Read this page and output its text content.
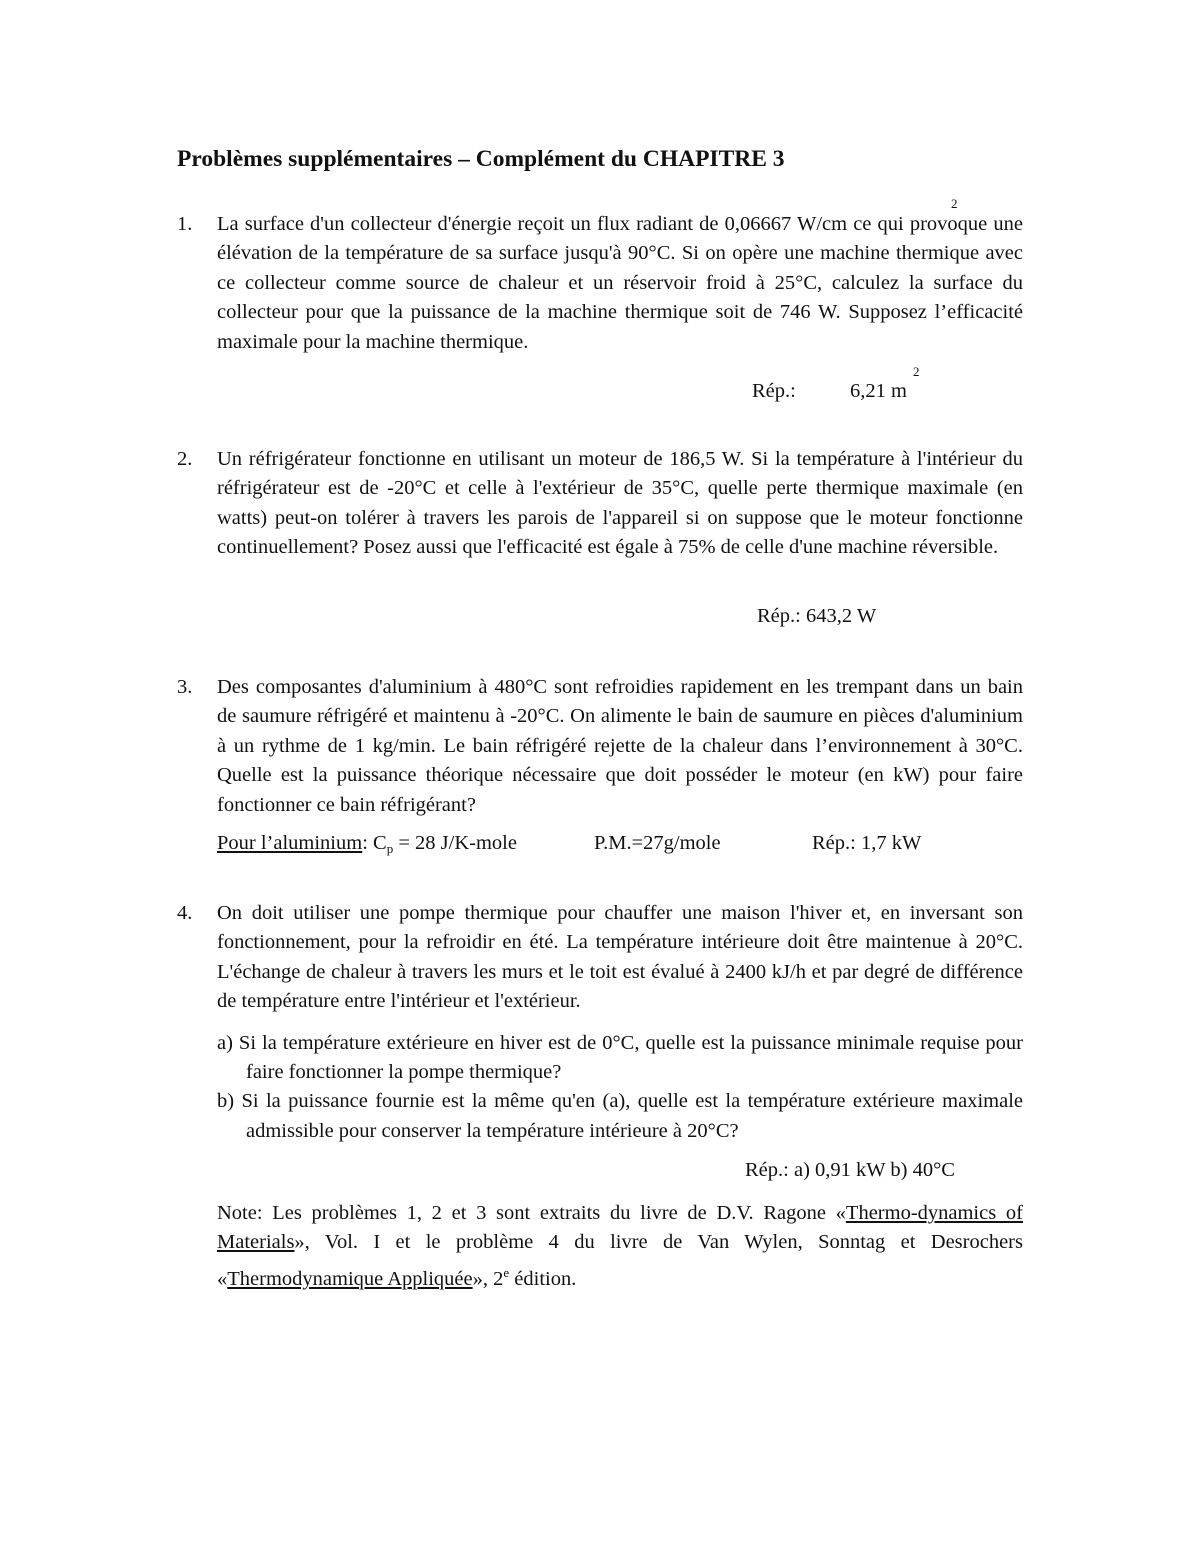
Problèmes supplémentaires – Complément du CHAPITRE 3
1. La surface d'un collecteur d'énergie reçoit un flux radiant de 0,06667 W/cm ce qui provoque une élévation de la température de sa surface jusqu'à 90°C. Si on opère une machine thermique avec ce collecteur comme source de chaleur et un réservoir froid à 25°C, calculez la surface du collecteur pour que la puissance de la machine thermique soit de 746 W. Supposez l’efficacité maximale pour la machine thermique.
2
Rép.:	6,21 m
2
2. Un réfrigérateur fonctionne en utilisant un moteur de 186,5 W. Si la température à l'intérieur du réfrigérateur est de -20°C et celle à l'extérieur de 35°C, quelle perte thermique maximale (en watts) peut-on tolérer à travers les parois de l'appareil si on suppose que le moteur fonctionne continuellement? Posez aussi que l'efficacité est égale à 75% de celle d'une machine réversible.
Rép.: 643,2 W
3. Des composantes d'aluminium à 480°C sont refroidies rapidement en les trempant dans un bain de saumure réfrigéré et maintenu à -20°C. On alimente le bain de saumure en pièces d'aluminium à un rythme de 1 kg/min. Le bain réfrigéré rejette de la chaleur dans l’environnement à 30°C. Quelle est la puissance théorique nécessaire que doit posséder le moteur (en kW) pour faire fonctionner ce bain réfrigérant?
Pour l’aluminium: $C_p = 28$ J/K-mole	P.M.=27g/mole	Rép.: 1,7 kW
4. On doit utiliser une pompe thermique pour chauffer une maison l'hiver et, en inversant son fonctionnement, pour la refroidir en été. La température intérieure doit être maintenue à 20°C. L'échange de chaleur à travers les murs et le toit est évalué à 2400 kJ/h et par degré de différence de température entre l'intérieur et l'extérieur.
a) Si la température extérieure en hiver est de 0°C, quelle est la puissance minimale requise pour faire fonctionner la pompe thermique?
b) Si la puissance fournie est la même qu'en (a), quelle est la température extérieure maximale admissible pour conserver la température intérieure à 20°C?
Rép.: a) 0,91 kW b) 40°C
Note: Les problèmes 1, 2 et 3 sont extraits du livre de D.V. Ragone «Thermo-dynamics of Materials», Vol. I et le problème 4 du livre de Van Wylen, Sonntag et Desrochers «Thermodynamique Appliquée», 2e édition.
